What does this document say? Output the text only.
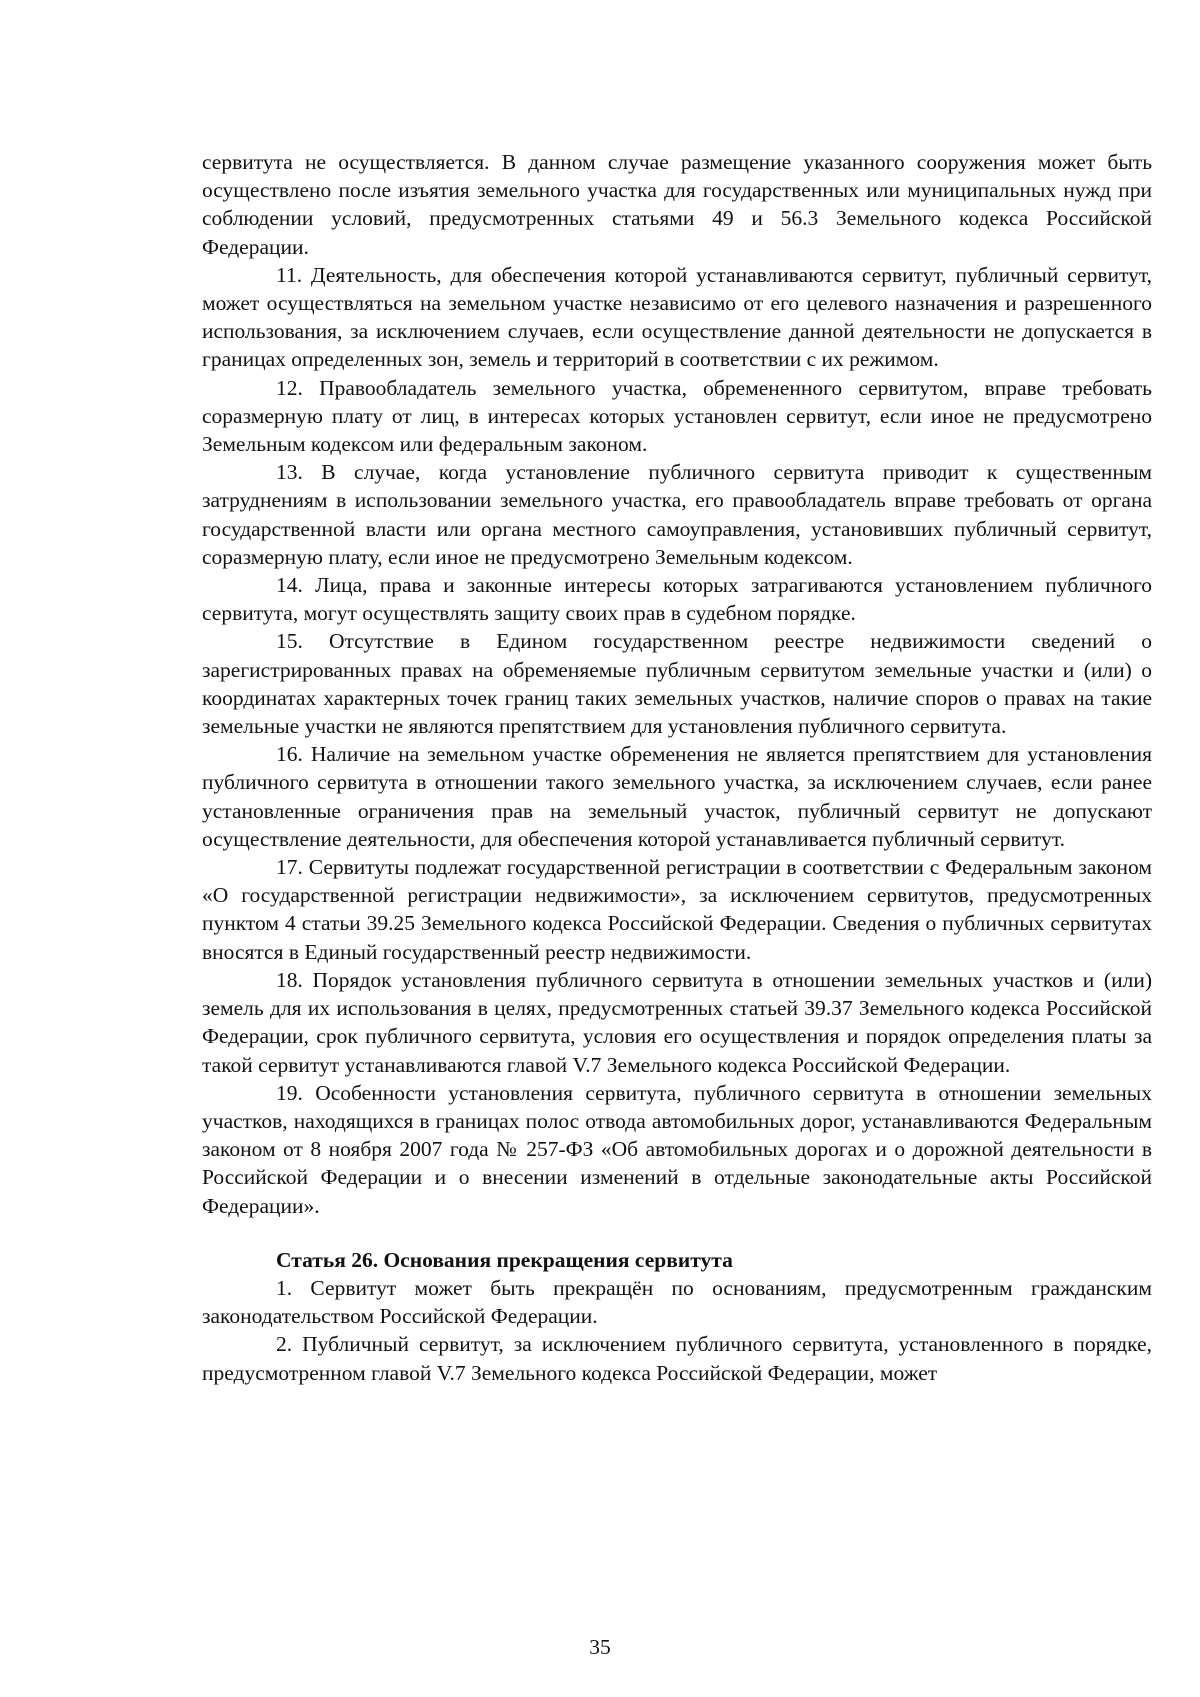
сервитута не осуществляется. В данном случае размещение указанного сооружения может быть осуществлено после изъятия земельного участка для государственных или муниципальных нужд при соблюдении условий, предусмотренных статьями 49 и 56.3 Земельного кодекса Российской Федерации.

11. Деятельность, для обеспечения которой устанавливаются сервитут, публичный сервитут, может осуществляться на земельном участке независимо от его целевого назначения и разрешенного использования, за исключением случаев, если осуществление данной деятельности не допускается в границах определенных зон, земель и территорий в соответствии с их режимом.

12. Правообладатель земельного участка, обремененного сервитутом, вправе требовать соразмерную плату от лиц, в интересах которых установлен сервитут, если иное не предусмотрено Земельным кодексом или федеральным законом.

13. В случае, когда установление публичного сервитута приводит к существенным затруднениям в использовании земельного участка, его правообладатель вправе требовать от органа государственной власти или органа местного самоуправления, установивших публичный сервитут, соразмерную плату, если иное не предусмотрено Земельным кодексом.

14. Лица, права и законные интересы которых затрагиваются установлением публичного сервитута, могут осуществлять защиту своих прав в судебном порядке.

15. Отсутствие в Едином государственном реестре недвижимости сведений о зарегистрированных правах на обременяемые публичным сервитутом земельные участки и (или) о координатах характерных точек границ таких земельных участков, наличие споров о правах на такие земельные участки не являются препятствием для установления публичного сервитута.

16. Наличие на земельном участке обременения не является препятствием для установления публичного сервитута в отношении такого земельного участка, за исключением случаев, если ранее установленные ограничения прав на земельный участок, публичный сервитут не допускают осуществление деятельности, для обеспечения которой устанавливается публичный сервитут.

17. Сервитуты подлежат государственной регистрации в соответствии с Федеральным законом «О государственной регистрации недвижимости», за исключением сервитутов, предусмотренных пунктом 4 статьи 39.25 Земельного кодекса Российской Федерации. Сведения о публичных сервитутах вносятся в Единый государственный реестр недвижимости.

18. Порядок установления публичного сервитута в отношении земельных участков и (или) земель для их использования в целях, предусмотренных статьей 39.37 Земельного кодекса Российской Федерации, срок публичного сервитута, условия его осуществления и порядок определения платы за такой сервитут устанавливаются главой V.7 Земельного кодекса Российской Федерации.

19. Особенности установления сервитута, публичного сервитута в отношении земельных участков, находящихся в границах полос отвода автомобильных дорог, устанавливаются Федеральным законом от 8 ноября 2007 года № 257-ФЗ «Об автомобильных дорогах и о дорожной деятельности в Российской Федерации и о внесении изменений в отдельные законодательные акты Российской Федерации».

Статья 26. Основания прекращения сервитута

1. Сервитут может быть прекращён по основаниям, предусмотренным гражданским законодательством Российской Федерации.

2. Публичный сервитут, за исключением публичного сервитута, установленного в порядке, предусмотренном главой V.7 Земельного кодекса Российской Федерации, может

35
